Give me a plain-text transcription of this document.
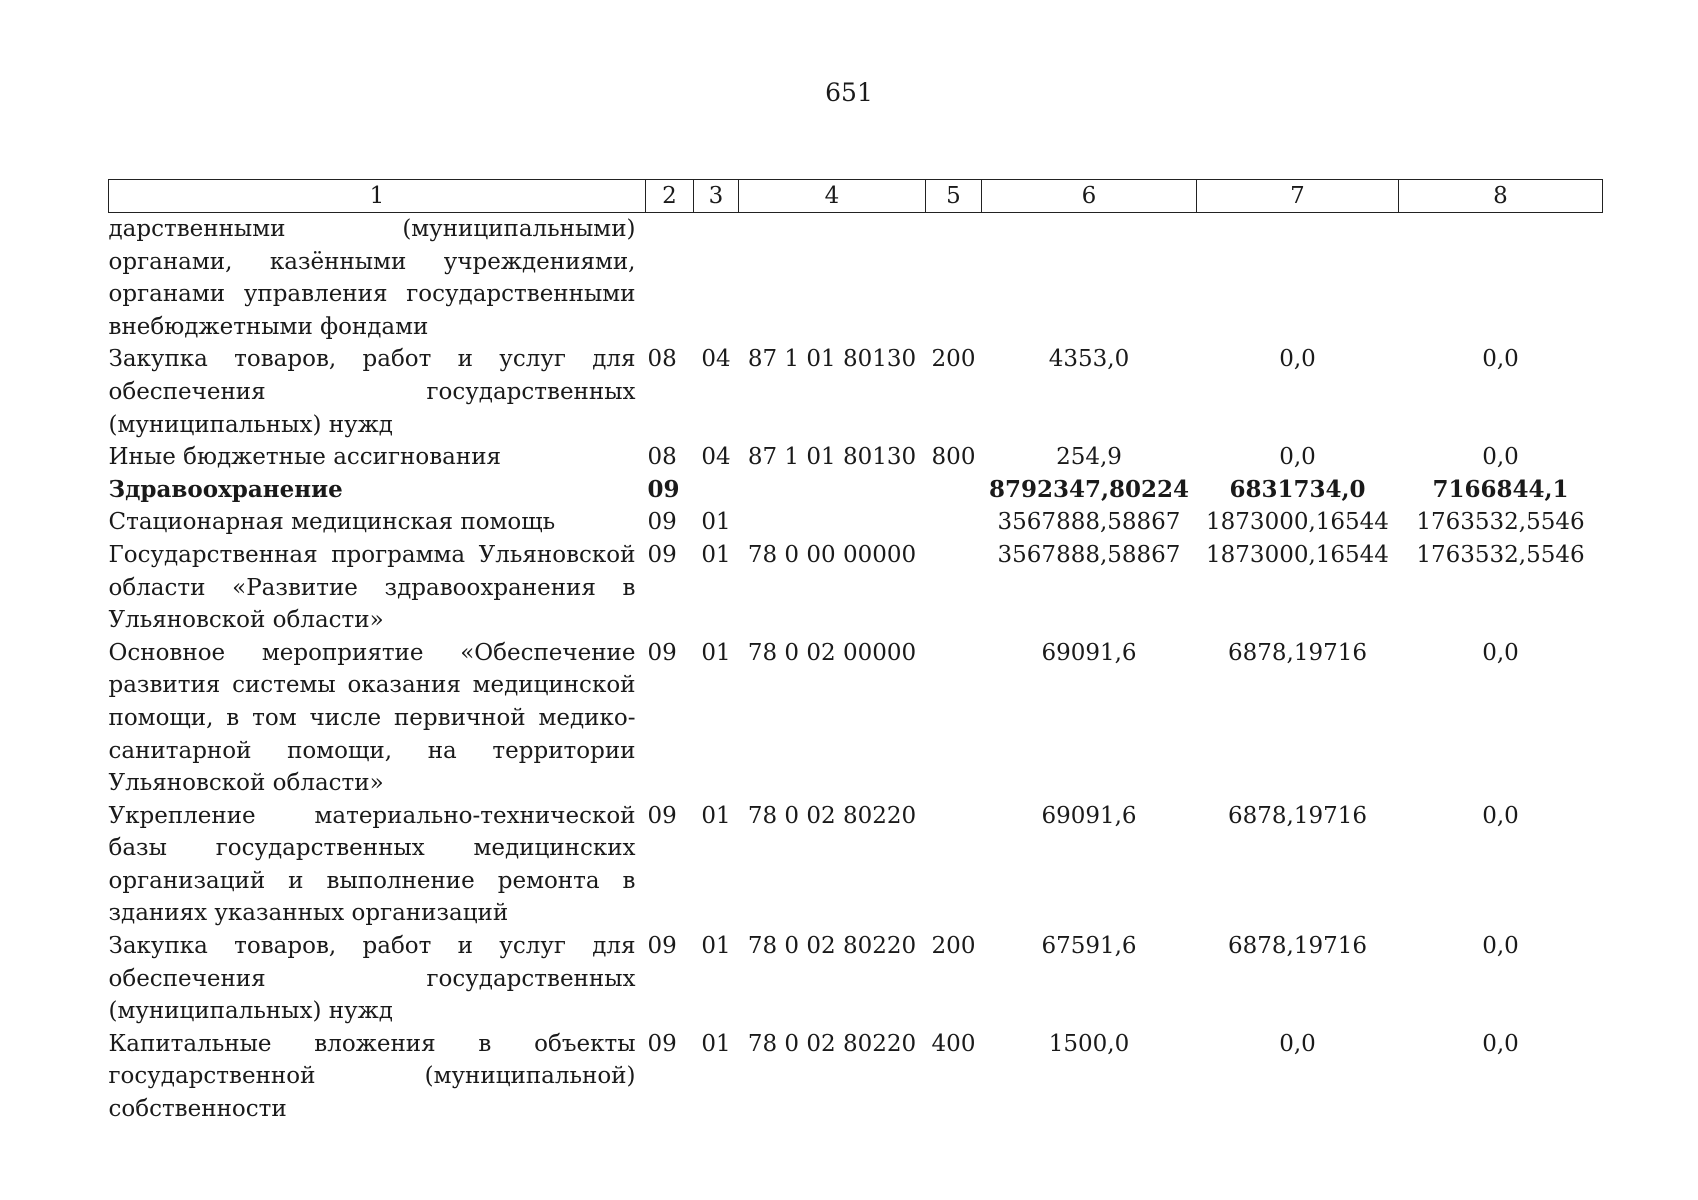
651
1	2	3	4	5	6	7	8
дарственными (муниципальными) органами, казёнными учреждениями, органами управления государственными внебюджетными фондами							
Закупка товаров, работ и услуг для обеспечения государственных (муниципальных) нужд	08	04	87 1 01 80130	200	4353,0	0,0	0,0
Иные бюджетные ассигнования	08	04	87 1 01 80130	800	254,9	0,0	0,0
Здравоохранение	09				8792347,80224	6831734,0	7166844,1
Стационарная медицинская помощь	09	01			3567888,58867	1873000,16544	1763532,5546
Государственная программа Ульяновской области «Развитие здравоохранения в Ульяновской области»	09	01	78 0 00 00000		3567888,58867	1873000,16544	1763532,5546
Основное мероприятие «Обеспечение развития системы оказания медицинской помощи, в том числе первичной медико-санитарной помощи, на территории Ульяновской области»	09	01	78 0 02 00000		69091,6	6878,19716	0,0
Укрепление материально-технической базы государственных медицинских организаций и выполнение ремонта в зданиях указанных организаций	09	01	78 0 02 80220		69091,6	6878,19716	0,0
Закупка товаров, работ и услуг для обеспечения государственных (муниципальных) нужд	09	01	78 0 02 80220	200	67591,6	6878,19716	0,0
Капитальные вложения в объекты государственной (муниципальной) собственности	09	01	78 0 02 80220	400	1500,0	0,0	0,0
